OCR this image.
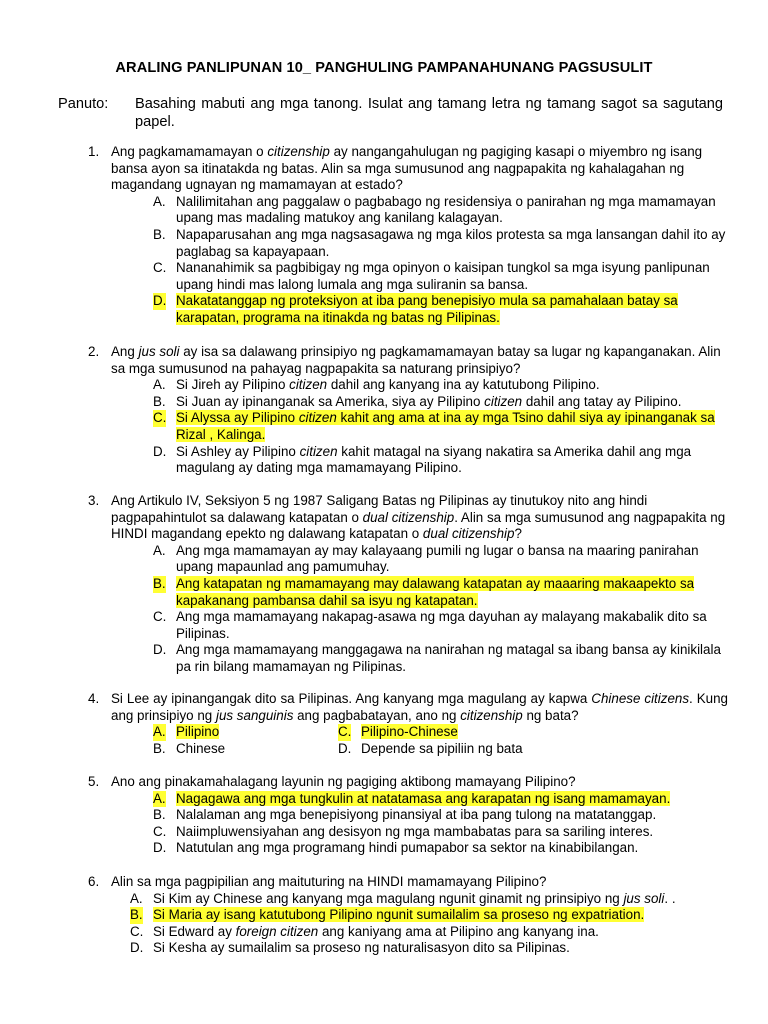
ARALING PANLIPUNAN 10_ PANGHULING PAMPANAHUNANG PAGSUSULIT
Panuto: Basahing mabuti ang mga tanong. Isulat ang tamang letra ng tamang sagot sa sagutang papel.
1. Ang pagkamamamayan o citizenship ay nangangahulugan ng pagiging kasapi o miyembro ng isang bansa ayon sa itinatakda ng batas. Alin sa mga sumusunod ang nagpapakita ng kahalagahan ng magandang ugnayan ng mamamayan at estado?
A. Nalilimitahan ang paggalaw o pagbabago ng residensiya o panirahan ng mga mamamayan upang mas madaling matukoy ang kanilang kalagayan.
B. Napaparusahan ang mga nagsasagawa ng mga kilos protesta sa mga lansangan dahil ito ay paglabag sa kapayapaan.
C. Nananahimik sa pagbibigay ng mga opinyon o kaisipan tungkol sa mga isyung panlipunan upang hindi mas lalong lumala ang mga suliranin sa bansa.
D. Nakatatanggap ng proteksiyon at iba pang benepisiyo mula sa pamahalaan batay sa karapatan, programa na itinakda ng batas ng Pilipinas.
2. Ang jus soli ay isa sa dalawang prinsipiyo ng pagkamamamayan batay sa lugar ng kapanganakan. Alin sa mga sumusunod na pahayag nagpapakita sa naturang prinsipiyo?
A. Si Jireh ay Pilipino citizen dahil ang kanyang ina ay katutubong Pilipino.
B. Si Juan ay ipinanganak sa Amerika, siya ay Pilipino citizen dahil ang tatay ay Pilipino.
C. Si Alyssa ay Pilipino citizen kahit ang ama at ina ay mga Tsino dahil siya ay ipinanganak sa Rizal , Kalinga.
D. Si Ashley ay Pilipino citizen kahit matagal na siyang nakatira sa Amerika dahil ang mga magulang ay dating mga mamamayang Pilipino.
3. Ang Artikulo IV, Seksiyon 5 ng 1987 Saligang Batas ng Pilipinas ay tinutukoy nito ang hindi pagpapahintulot sa dalawang katapatan o dual citizenship. Alin sa mga sumusunod ang nagpapakita ng HINDI magandang epekto ng dalawang katapatan o dual citizenship?
A. Ang mga mamamayan ay may kalayaang pumili ng lugar o bansa na maaring panirahan upang mapaunlad ang pamumuhay.
B. Ang katapatan ng mamamayang may dalawang katapatan ay maaaring makaapekto sa kapakanang pambansa dahil sa isyu ng katapatan.
C. Ang mga mamamayang nakapag-asawa ng mga dayuhan ay malayang makabalik dito sa Pilipinas.
D. Ang mga mamamayang manggagawa na nanirahan ng matagal sa ibang bansa ay kinikilala pa rin bilang mamamayan ng Pilipinas.
4. Si Lee ay ipinangangak dito sa Pilipinas. Ang kanyang mga magulang ay kapwa Chinese citizens. Kung ang prinsipiyo ng jus sanguinis ang pagbabatayan, ano ng citizenship ng bata?
A. Pilipino	C. Pilipino-Chinese
B. Chinese	D. Depende sa pipiliin ng bata
5. Ano ang pinakamahalagang layunin ng pagiging aktibong mamayang Pilipino?
A. Nagagawa ang mga tungkulin at natatamasa ang karapatan ng isang mamamayan.
B. Nalalaman ang mga benepisiyong pinansiyal at iba pang tulong na matatanggap.
C. Naiimpluwensiyahan ang desisyon ng mga mambabatas para sa sariling interes.
D. Natutulan ang mga programang hindi pumapabor sa sektor na kinabibilangan.
6. Alin sa mga pagpipilian ang maituturing na HINDI mamamayang Pilipino?
A. Si Kim ay Chinese ang kanyang mga magulang ngunit ginamit ng prinsipiyo ng jus soli. .
B. Si Maria ay isang katutubong Pilipino ngunit sumailalim sa proseso ng expatriation.
C. Si Edward ay foreign citizen ang kaniyang ama at Pilipino ang kanyang ina.
D. Si Kesha ay sumailalim sa proseso ng naturalisasyon dito sa Pilipinas.
